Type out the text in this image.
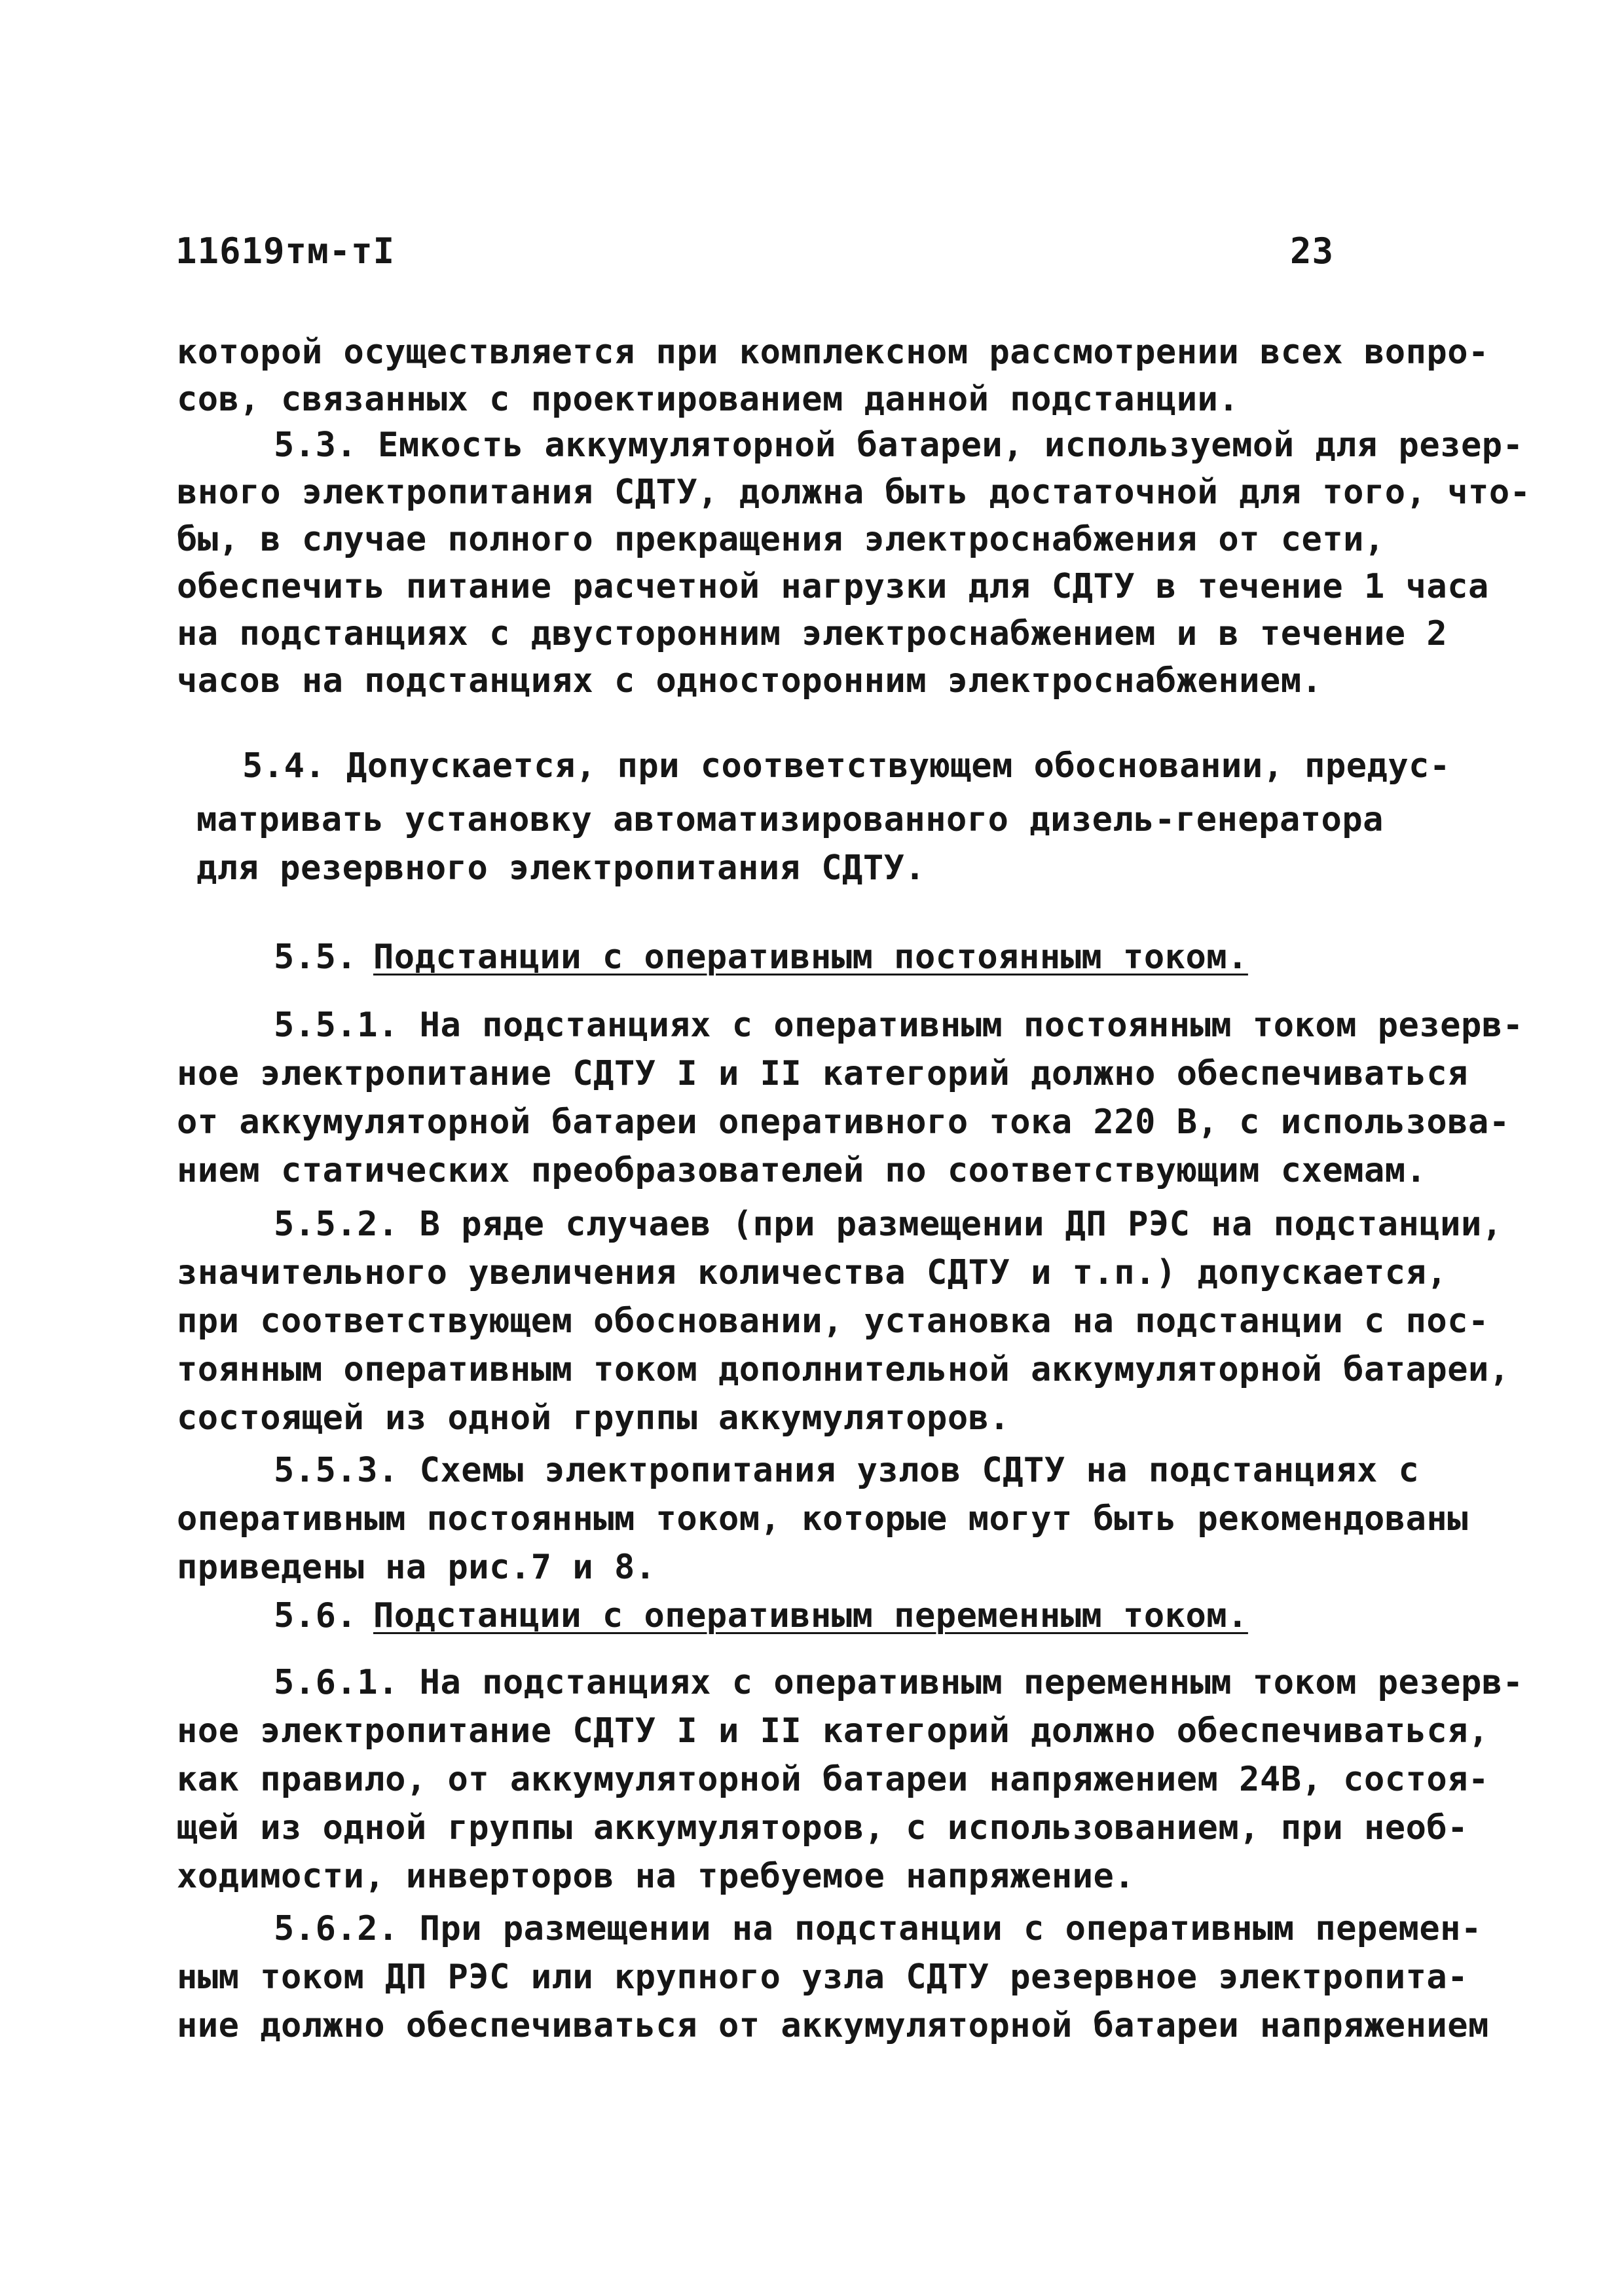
11619тм-тI	23
которой осуществляется при комплексном рассмотрении всех вопро-
сов, связанных с проектированием данной подстанции.
5.3. Емкость аккумуляторной батареи, используемой для резер-
вного электропитания СДТУ, должна быть достаточной для того, что-
бы, в случае полного прекращения электроснабжения от сети,
обеспечить питание расчетной нагрузки для СДТУ в течение 1 часа
на подстанциях с двусторонним электроснабжением и в течение 2
часов на подстанциях с односторонним электроснабжением.
5.4. Допускается, при соответствующем обосновании, предус-
матривать установку автоматизированного дизель-генератора
для резервного электропитания СДТУ.
5.5. Подстанции с оперативным постоянным током.
5.5.1. На подстанциях с оперативным постоянным током резерв-
ное электропитание СДТУ I и II категорий должно обеспечиваться
от аккумуляторной батареи оперативного тока 220 В, с использова-
нием статических преобразователей по соответствующим схемам.
5.5.2. В ряде случаев (при размещении ДП РЭС на подстанции,
значительного увеличения количества СДТУ и т.п.) допускается,
при соответствующем обосновании, установка на подстанции с пос-
тоянным оперативным током дополнительной аккумуляторной батареи,
состоящей из одной группы аккумуляторов.
5.5.3. Схемы электропитания узлов СДТУ на подстанциях с
оперативным постоянным током, которые могут быть рекомендованы
приведены на рис.7 и 8.
5.6. Подстанции с оперативным переменным током.
5.6.1. На подстанциях с оперативным переменным током резерв-
ное электропитание СДТУ I и II категорий должно обеспечиваться,
как правило, от аккумуляторной батареи напряжением 24В, состоя-
щей из одной группы аккумуляторов, с использованием, при необ-
ходимости, инверторов на требуемое напряжение.
5.6.2. При размещении на подстанции с оперативным перемен-
ным током ДП РЭС или крупного узла СДТУ резервное электропита-
ние должно обеспечиваться от аккумуляторной батареи напряжением
